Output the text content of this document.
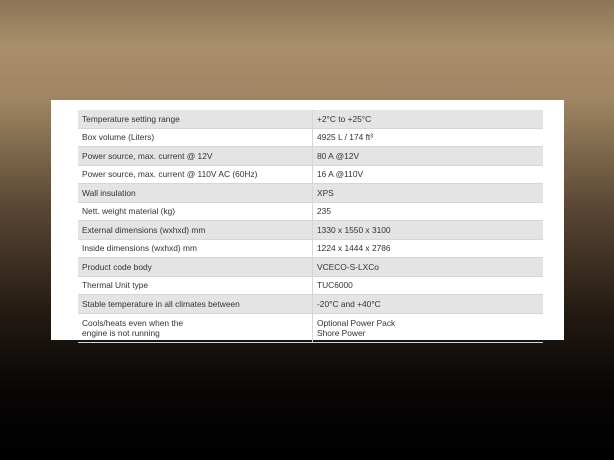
Temperature setting range	+2°C to +25°C
Box volume (Liters)	4925 L / 174 ft³
Power source, max. current @ 12V	80 A @12V
Power source, max. current @ 110V AC (60Hz)	16 A @110V
Wall insulation	XPS
Nett. weight material (kg)	235
External dimensions (wxhxd) mm	1330 x 1550 x 3100
Inside dimensions (wxhxd) mm	1224 x 1444 x 2786
Product code body	VCECO-S-LXCo
Thermal Unit type	TUC6000
Stable temperature in all climates between	-20°C and +40°C
Cools/heats even when the
engine is not running	Optional Power Pack
Shore Power
